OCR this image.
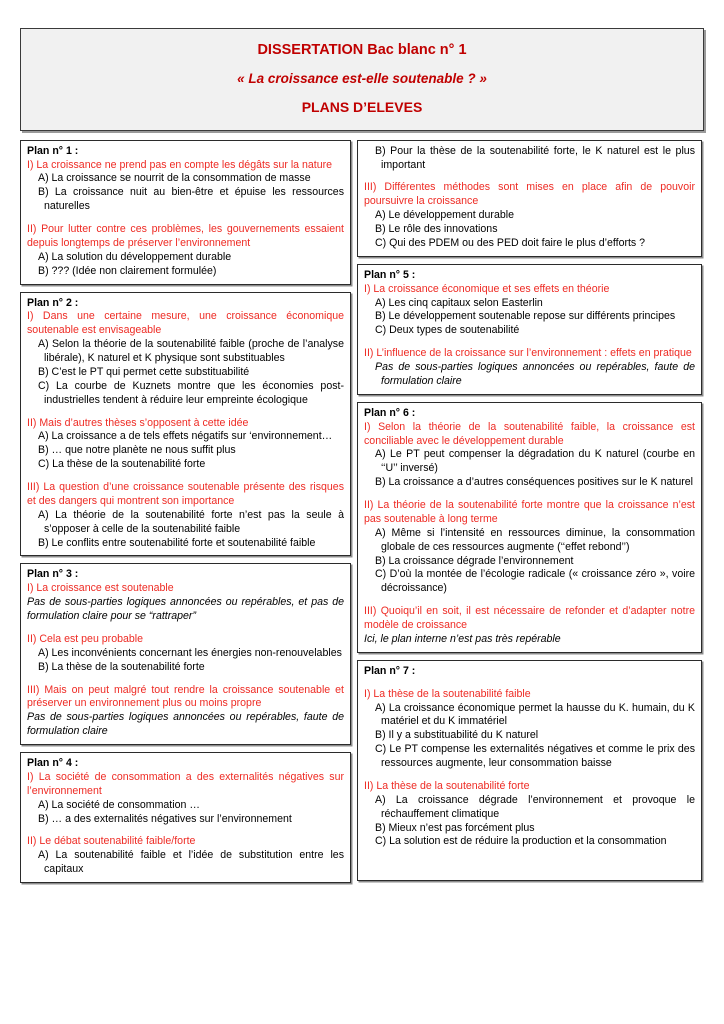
DISSERTATION Bac blanc n° 1
« La croissance est-elle soutenable ? »
PLANS D’ELEVES
Plan n° 1 :
I) La croissance ne prend pas en compte les dégâts sur la nature
A) La croissance se nourrit de la consommation de masse
B) La croissance nuit au bien-être et épuise les ressources naturelles
II) Pour lutter contre ces problèmes, les gouvernements essaient depuis longtemps de préserver l’environnement
A) La solution du développement durable
B) ??? (Idée non clairement formulée)
Plan n° 2 :
I) Dans une certaine mesure, une croissance économique soutenable est envisageable
A) Selon la théorie de la soutenabilité faible (proche de l’analyse libérale), K naturel et K physique sont substituables
B) C’est le PT qui permet cette substituabilité
C) La courbe de Kuznets montre que les économies post-industrielles tendent à réduire leur empreinte écologique
II) Mais d’autres thèses s’opposent à cette idée
A) La croissance a de tels effets négatifs sur ‘environnement…
B) … que notre planète ne nous suffit plus
C) La thèse de la soutenabilité forte
III) La question d’une croissance soutenable présente des risques et des dangers qui montrent son importance
A) La théorie de la soutenabilité forte n’est pas la seule à s’opposer à celle de la soutenabilité faible
B) Le conflits entre soutenabilité forte et soutenabilité faible
Plan n° 3 :
I) La croissance est soutenable
Pas de sous-parties logiques annoncées ou repérables, et pas de formulation claire pour se “rattraper”
II) Cela est peu probable
A) Les inconvénients concernant les énergies non-renouvelables
B) La thèse de la soutenabilité forte
III) Mais on peut malgré tout rendre la croissance soutenable et préserver un environnement plus ou moins propre
Pas de sous-parties logiques annoncées ou repérables, faute de formulation claire
Plan n° 4 :
I) La société de consommation a des externalités négatives sur l’environnement
A) La société de consommation …
B) … a des externalités négatives sur l’environnement
II) Le débat soutenabilité faible/forte
A) La soutenabilité faible et l’idée de substitution entre les capitaux
B) Pour la thèse de la soutenabilité forte, le K naturel est le plus important
III) Différentes méthodes sont mises en place afin de pouvoir poursuivre la croissance
A) Le développement durable
B) Le rôle des innovations
C) Qui des PDEM ou des PED doit faire le plus d’efforts ?
Plan n° 5 :
I) La croissance économique et ses effets en théorie
A) Les cinq capitaux selon Easterlin
B) Le développement soutenable repose sur différents principes
C) Deux types de soutenabilité
II) L’influence de la croissance sur l’environnement : effets en pratique
Pas de sous-parties logiques annoncées ou repérables, faute de formulation claire
Plan n° 6 :
I) Selon la théorie de la soutenabilité faible, la croissance est conciliable avec le développement durable
A) Le PT peut compenser la dégradation du K naturel (courbe en ‘‘U’’ inversé)
B) La croissance a d’autres conséquences positives sur le K naturel
II) La théorie de la soutenabilité forte montre que la croissance n’est pas soutenable à long terme
A) Même si l’intensité en ressources diminue, la consommation globale de ces ressources augmente (‘‘effet rebond’’)
B) La croissance dégrade l’environnement
C) D’où la montée de l’écologie radicale (« croissance zéro », voire décroissance)
III) Quoiqu’il en soit, il est nécessaire de refonder et d’adapter notre modèle de croissance
Ici, le plan interne n’est pas très repérable
Plan n° 7 :
I) La thèse de la soutenabilité faible
A) La croissance économique permet la hausse du K. humain, du K matériel et du K immatériel
B) Il y a substituabilité du K naturel
C) Le PT compense les externalités négatives et comme le prix des ressources augmente, leur consommation baisse
II) La thèse de la soutenabilité forte
A) La croissance dégrade l’environnement et provoque le réchauffement climatique
B) Mieux n’est pas forcément plus
C) La solution est de réduire la production et la consommation
